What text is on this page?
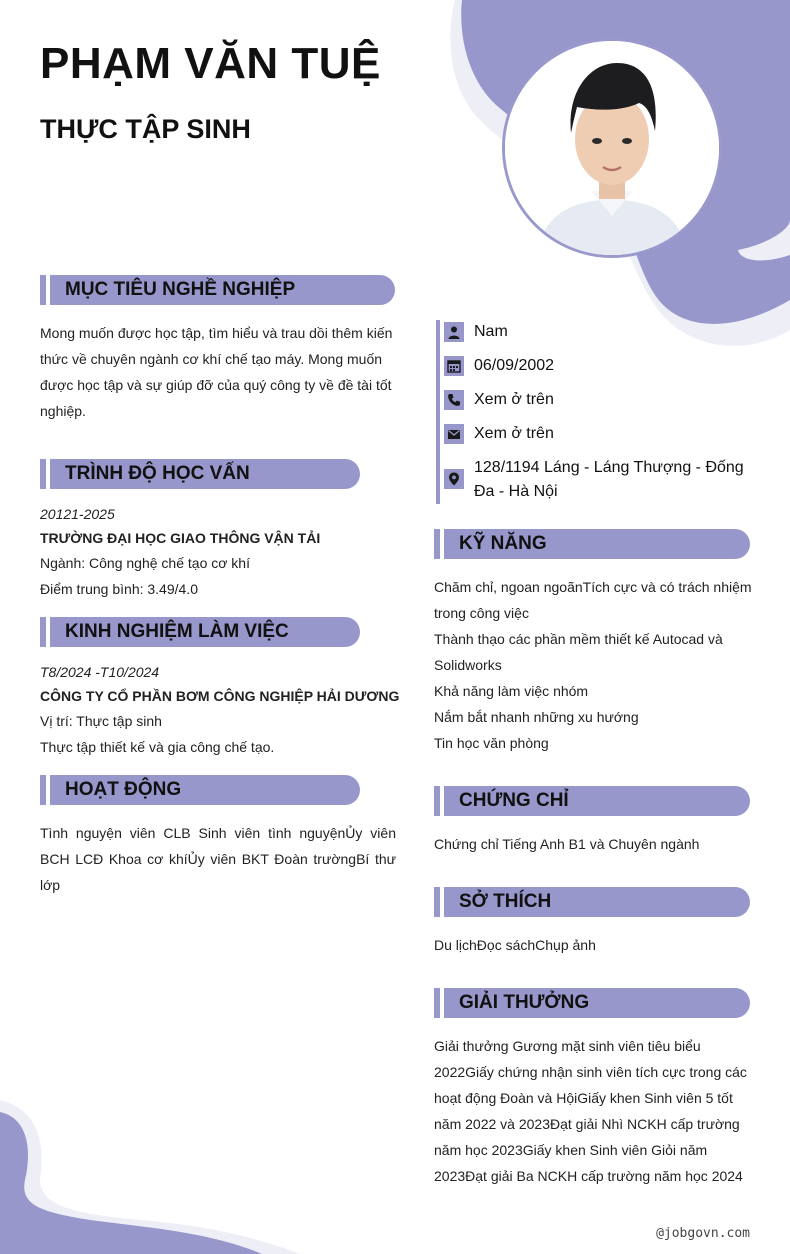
PHẠM VĂN TUỆ
THỰC TẬP SINH
MỤC TIÊU NGHỀ NGHIỆP

Mong muốn được học tập, tìm hiểu và trau dồi thêm kiến thức về chuyên ngành cơ khí chế tạo máy. Mong muốn được học tập và sự giúp đỡ của quý công ty về đề tài tốt nghiệp.

TRÌNH ĐỘ HỌC VẤN

20121-2025

TRƯỜNG ĐẠI HỌC GIAO THÔNG VẬN TẢI

Ngành: Công nghệ chế tạo cơ khí

Điểm trung bình: 3.49/4.0

KINH NGHIỆM LÀM VIỆC

T8/2024 -T10/2024

CÔNG TY CỔ PHẦN BƠM CÔNG NGHIỆP HẢI DƯƠNG

Vị trí: Thực tập sinh

Thực tập thiết kế và gia công chế tạo.

HOẠT ĐỘNG

Tình nguyện viên CLB Sinh viên tình nguyệnỦy viên BCH LCĐ Khoa cơ khíỦy viên BKT Đoàn trườngBí thư lớp

Nam
06/09/2002
Xem ở trên
Xem ở trên
128/1194 Láng - Láng Thượng - Đống Đa - Hà Nội
KỸ NĂNG

Chăm chỉ, ngoan ngoãnTích cực và có trách nhiệm trong công việc

Thành thạo các phần mềm thiết kế Autocad và Solidworks

Khả năng làm việc nhóm

Nắm bắt nhanh những xu hướng

Tin học văn phòng

CHỨNG CHỈ

Chứng chỉ Tiếng Anh B1 và Chuyên ngành

SỞ THÍCH

Du lịchĐọc sáchChụp ảnh

GIẢI THƯỞNG

Giải thưởng Gương mặt sinh viên tiêu biểu 2022Giấy chứng nhận sinh viên tích cực trong các hoạt động Đoàn và HộiGiấy khen Sinh viên 5 tốt năm 2022 và 2023Đạt giải Nhì NCKH cấp trường năm học 2023Giấy khen Sinh viên Giỏi năm 2023Đạt giải Ba NCKH cấp trường năm học 2024

@jobgovn.com
